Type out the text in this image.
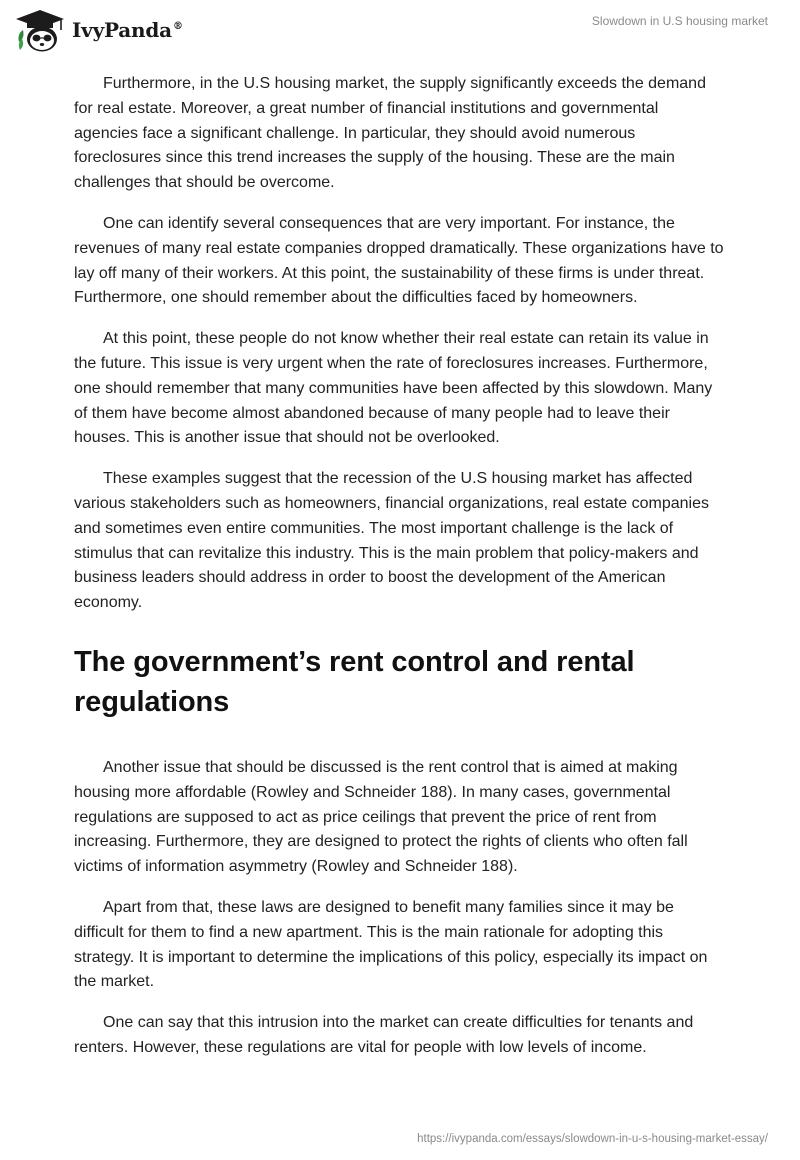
IvyPanda®	Slowdown in U.S housing market

Furthermore, in the U.S housing market, the supply significantly exceeds the demand for real estate. Moreover, a great number of financial institutions and governmental agencies face a significant challenge. In particular, they should avoid numerous foreclosures since this trend increases the supply of the housing. These are the main challenges that should be overcome.

One can identify several consequences that are very important. For instance, the revenues of many real estate companies dropped dramatically. These organizations have to lay off many of their workers. At this point, the sustainability of these firms is under threat. Furthermore, one should remember about the difficulties faced by homeowners.

At this point, these people do not know whether their real estate can retain its value in the future. This issue is very urgent when the rate of foreclosures increases. Furthermore, one should remember that many communities have been affected by this slowdown. Many of them have become almost abandoned because of many people had to leave their houses. This is another issue that should not be overlooked.

These examples suggest that the recession of the U.S housing market has affected various stakeholders such as homeowners, financial organizations, real estate companies and sometimes even entire communities. The most important challenge is the lack of stimulus that can revitalize this industry. This is the main problem that policy-makers and business leaders should address in order to boost the development of the American economy.

The government’s rent control and rental regulations

Another issue that should be discussed is the rent control that is aimed at making housing more affordable (Rowley and Schneider 188). In many cases, governmental regulations are supposed to act as price ceilings that prevent the price of rent from increasing. Furthermore, they are designed to protect the rights of clients who often fall victims of information asymmetry (Rowley and Schneider 188).

Apart from that, these laws are designed to benefit many families since it may be difficult for them to find a new apartment. This is the main rationale for adopting this strategy. It is important to determine the implications of this policy, especially its impact on the market.

One can say that this intrusion into the market can create difficulties for tenants and renters. However, these regulations are vital for people with low levels of income.

https://ivypanda.com/essays/slowdown-in-u-s-housing-market-essay/
